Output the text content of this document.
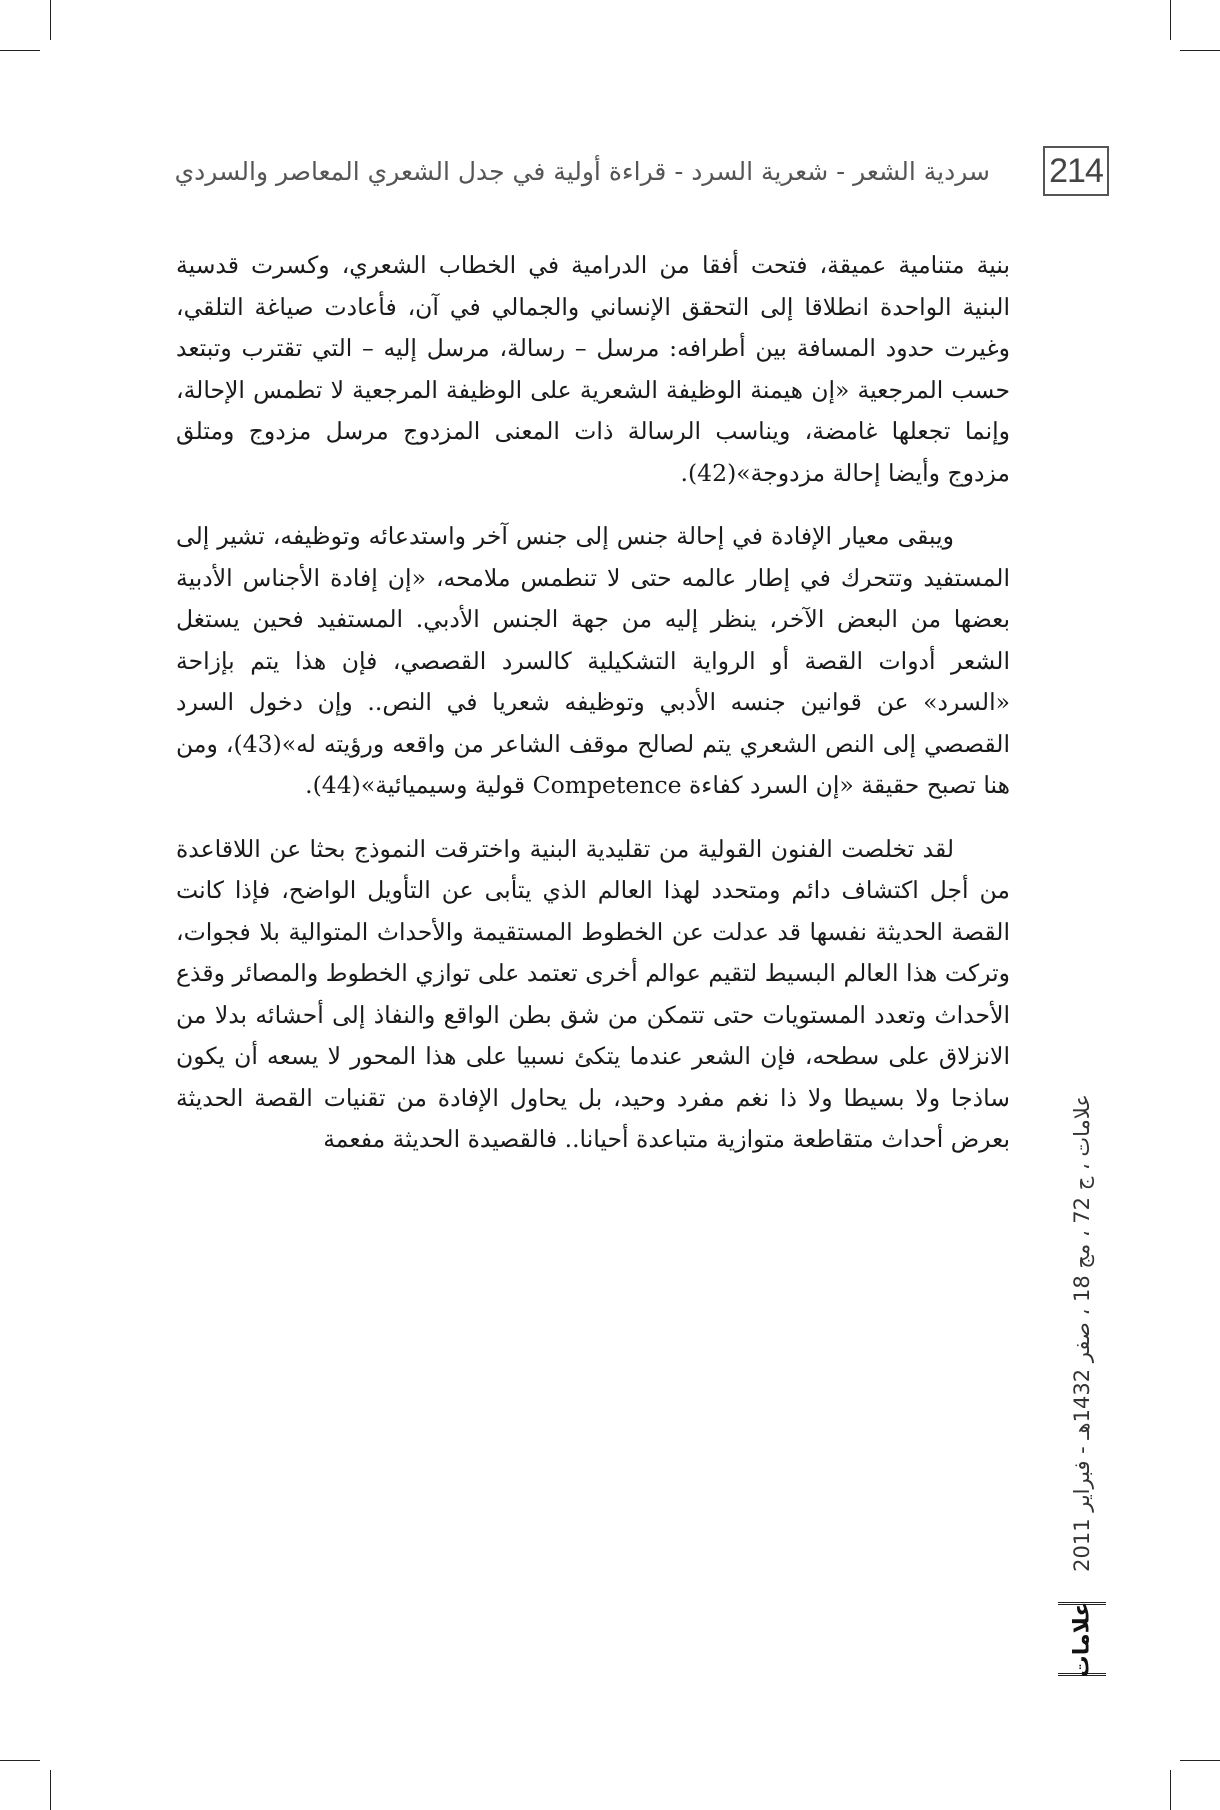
214
سردية الشعر - شعرية السرد - قراءة أولية في جدل الشعري المعاصر والسردي

بنية متنامية عميقة، فتحت أفقا من الدرامية في الخطاب الشعري، وكسرت قدسية البنية الواحدة انطلاقا إلى التحقق الإنساني والجمالي في آن، فأعادت صياغة التلقي، وغيرت حدود المسافة بين أطرافه: مرسل – رسالة، مرسل إليه – التي تقترب وتبتعد حسب المرجعية «إن هيمنة الوظيفة الشعرية على الوظيفة المرجعية لا تطمس الإحالة، وإنما تجعلها غامضة، ويناسب الرسالة ذات المعنى المزدوج مرسل مزدوج ومتلق مزدوج وأيضا إحالة مزدوجة»(42).

ويبقى معيار الإفادة في إحالة جنس إلى جنس آخر واستدعائه وتوظيفه، تشير إلى المستفيد وتتحرك في إطار عالمه حتى لا تنطمس ملامحه، «إن إفادة الأجناس الأدبية بعضها من البعض الآخر، ينظر إليه من جهة الجنس الأدبي. المستفيد فحين يستغل الشعر أدوات القصة أو الرواية التشكيلية كالسرد القصصي، فإن هذا يتم بإزاحة «السرد» عن قوانين جنسه الأدبي وتوظيفه شعريا في النص.. وإن دخول السرد القصصي إلى النص الشعري يتم لصالح موقف الشاعر من واقعه ورؤيته له»(43)، ومن هنا تصبح حقيقة «إن السرد كفاءة Competence قولية وسيميائية»(44).

لقد تخلصت الفنون القولية من تقليدية البنية واخترقت النموذج بحثا عن اللاقاعدة من أجل اكتشاف دائم ومتحدد لهذا العالم الذي يتأبى عن التأويل الواضح، فإذا كانت القصة الحديثة نفسها قد عدلت عن الخطوط المستقيمة والأحداث المتوالية بلا فجوات، وتركت هذا العالم البسيط لتقيم عوالم أخرى تعتمد على توازي الخطوط والمصائر وقذع الأحداث وتعدد المستويات حتى تتمكن من شق بطن الواقع والنفاذ إلى أحشائه بدلا من الانزلاق على سطحه، فإن الشعر عندما يتكئ نسبيا على هذا المحور لا يسعه أن يكون ساذجا ولا بسيطا ولا ذا نغم مفرد وحيد، بل يحاول الإفادة من تقنيات القصة الحديثة بعرض أحداث متقاطعة متوازية متباعدة أحيانا.. فالقصيدة الحديثة مفعمة

علامات ، ج 72 ، مج 18 ، صفر 1432هـ - فبراير 2011
علامات
